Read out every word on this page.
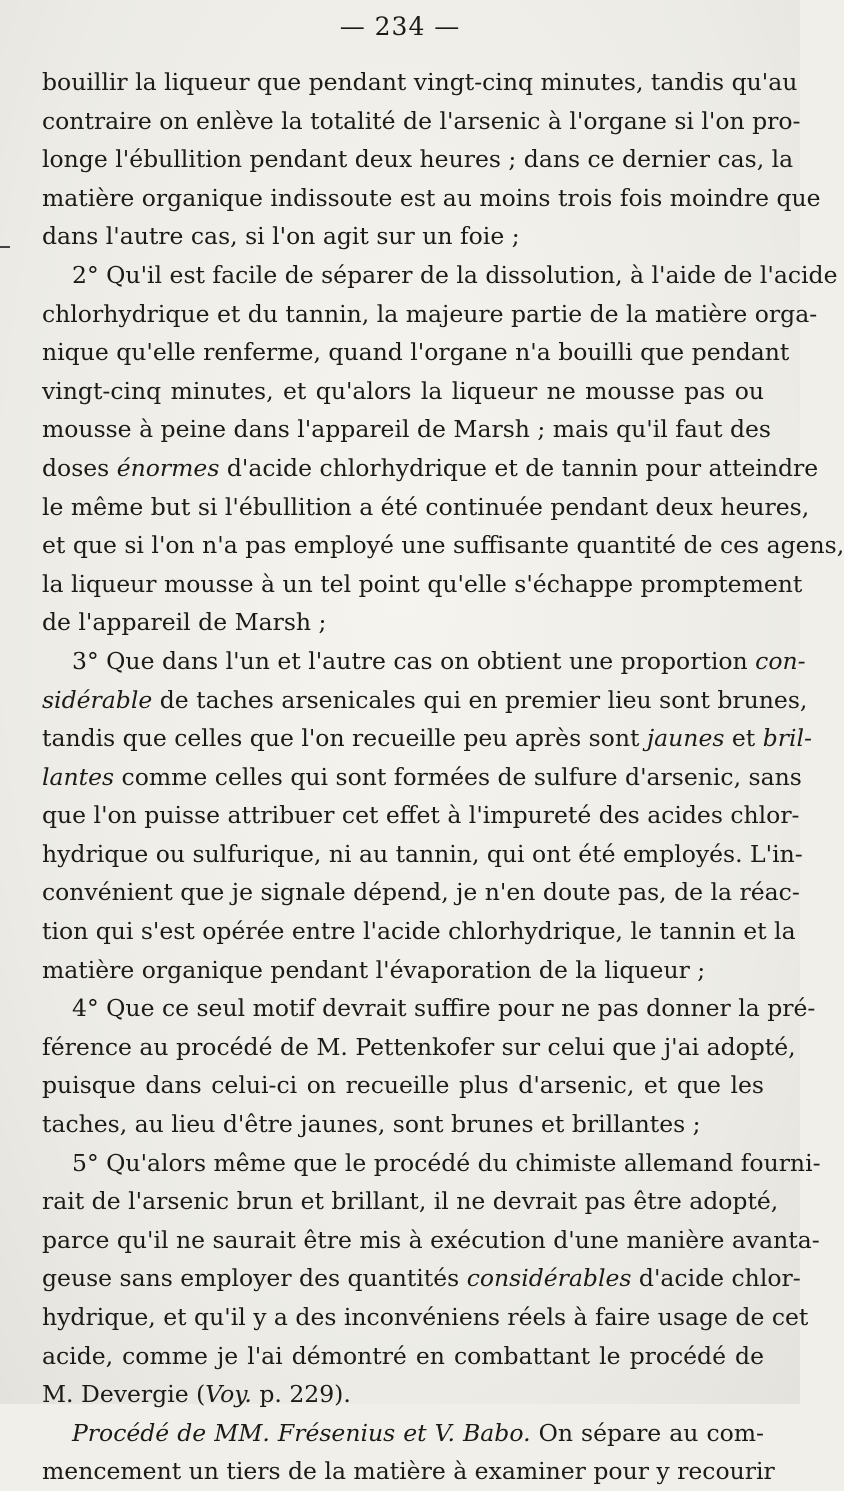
— 234 —
bouillir la liqueur que pendant vingt-cinq minutes, tandis qu'au
contraire on enlève la totalité de l'arsenic à l'organe si l'on pro-
longe l'ébullition pendant deux heures ; dans ce dernier cas, la
matière organique indissoute est au moins trois fois moindre que
dans l'autre cas, si l'on agit sur un foie ;
2° Qu'il est facile de séparer de la dissolution, à l'aide de l'acide
chlorhydrique et du tannin, la majeure partie de la matière orga-
nique qu'elle renferme, quand l'organe n'a bouilli que pendant
vingt-cinq minutes, et qu'alors la liqueur ne mousse pas ou
mousse à peine dans l'appareil de Marsh ; mais qu'il faut des
doses énormes d'acide chlorhydrique et de tannin pour atteindre
le même but si l'ébullition a été continuée pendant deux heures,
et que si l'on n'a pas employé une suffisante quantité de ces agens,
la liqueur mousse à un tel point qu'elle s'échappe promptement
de l'appareil de Marsh ;
3° Que dans l'un et l'autre cas on obtient une proportion con-
sidérable de taches arsenicales qui en premier lieu sont brunes,
tandis que celles que l'on recueille peu après sont jaunes et bril-
lantes comme celles qui sont formées de sulfure d'arsenic, sans
que l'on puisse attribuer cet effet à l'impureté des acides chlor-
hydrique ou sulfurique, ni au tannin, qui ont été employés. L'in-
convénient que je signale dépend, je n'en doute pas, de la réac-
tion qui s'est opérée entre l'acide chlorhydrique, le tannin et la
matière organique pendant l'évaporation de la liqueur ;
4° Que ce seul motif devrait suffire pour ne pas donner la pré-
férence au procédé de M. Pettenkofer sur celui que j'ai adopté,
puisque dans celui-ci on recueille plus d'arsenic, et que les
taches, au lieu d'être jaunes, sont brunes et brillantes ;
5° Qu'alors même que le procédé du chimiste allemand fourni-
rait de l'arsenic brun et brillant, il ne devrait pas être adopté,
parce qu'il ne saurait être mis à exécution d'une manière avanta-
geuse sans employer des quantités considérables d'acide chlor-
hydrique, et qu'il y a des inconvéniens réels à faire usage de cet
acide, comme je l'ai démontré en combattant le procédé de
M. Devergie (Voy. p. 229).
Procédé de MM. Frésenius et V. Babo. On sépare au com-
mencement un tiers de la matière à examiner pour y recourir
